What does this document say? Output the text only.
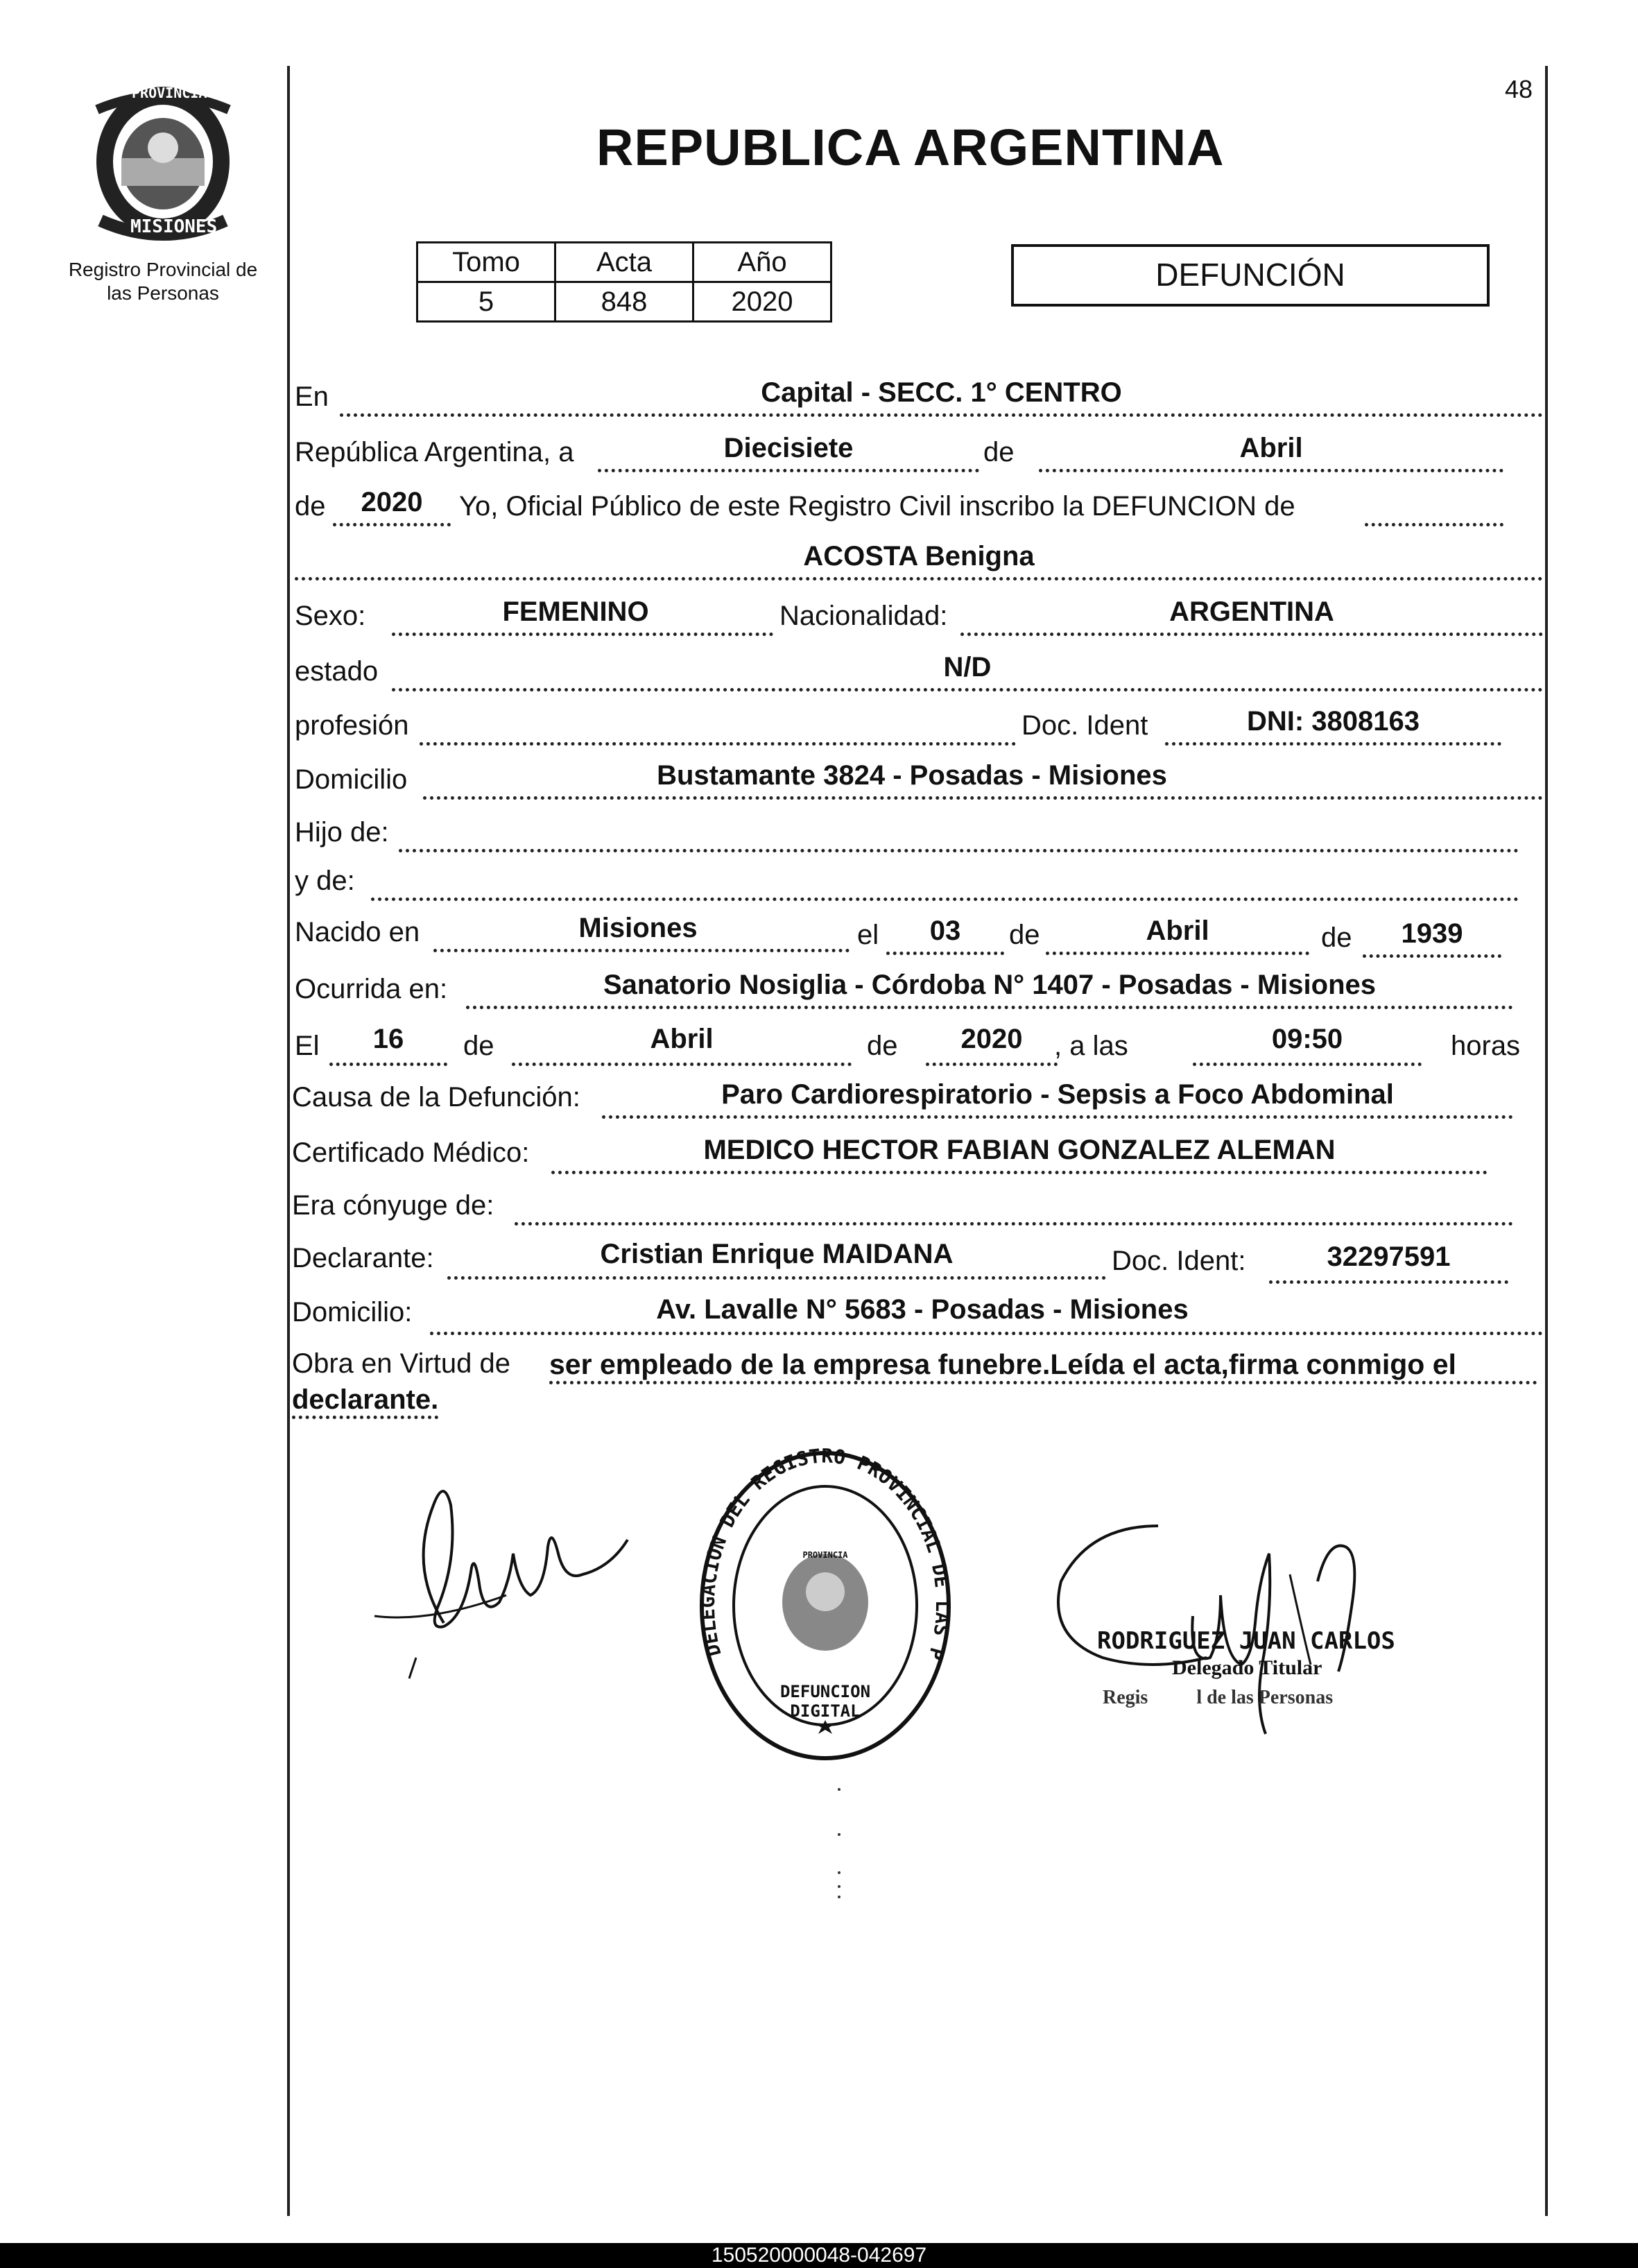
48
PROVINCIA DE
MISIONES
Registro Provincial de
las Personas
REPUBLICA ARGENTINA
Tomo	Acta	Año
5	848	2020
DEFUNCIÓN
En	Capital - SECC. 1° CENTRO
República Argentina, a	Diecisiete	de	Abril
de	2020	Yo, Oficial Público de este Registro Civil inscribo la DEFUNCION de
ACOSTA Benigna
Sexo:	FEMENINO	Nacionalidad:	ARGENTINA
estado	N/D
profesión	Doc. Ident	DNI: 3808163
Domicilio	Bustamante 3824 - Posadas - Misiones
Hijo de:
y de:
Nacido en	Misiones	el	03	de	Abril	de	1939
Ocurrida en:	Sanatorio Nosiglia - Córdoba N° 1407 - Posadas - Misiones
El	16	de	Abril	de	2020	, a las	09:50	horas
Causa de la Defunción:	Paro Cardiorespiratorio - Sepsis a Foco Abdominal
Certificado Médico:	MEDICO HECTOR FABIAN GONZALEZ ALEMAN
Era cónyuge de:
Declarante:	Cristian Enrique MAIDANA	Doc. Ident:	32297591
Domicilio:	Av. Lavalle N° 5683 - Posadas - Misiones
Obra en Virtud de ser empleado de la empresa funebre.Leída el acta,firma conmigo el
declarante.
DELEGACION DEL REGISTRO PROVINCIAL DE LAS P
DEFUNCION DIGITAL
PROVINCIA
RODRIGUEZ JUAN CARLOS
Delegado Titular
Regis          l de las Personas
150520000048-042697
